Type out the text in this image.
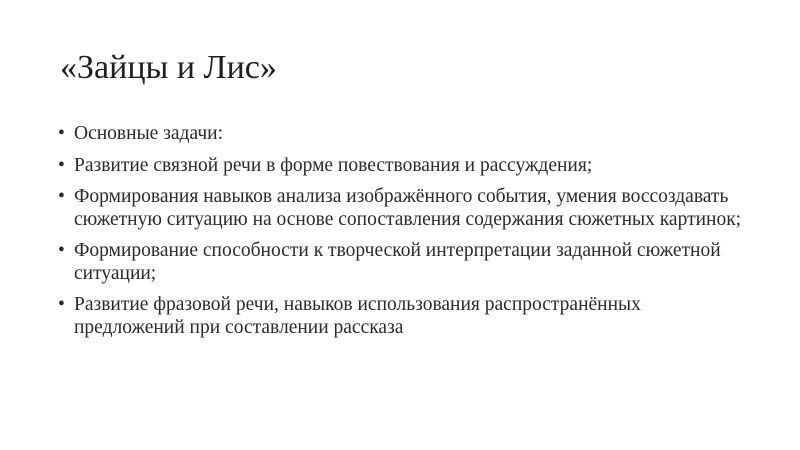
«Зайцы и Лис»
• Основные задачи:
• Развитие связной речи в форме повествования и рассуждения;
• Формирования навыков анализа изображённого события, умения воссоздавать сюжетную ситуацию на основе сопоставления содержания сюжетных картинок;
• Формирование способности к творческой интерпретации заданной сюжетной ситуации;
• Развитие фразовой речи, навыков использования распространённых предложений при составлении рассказа
